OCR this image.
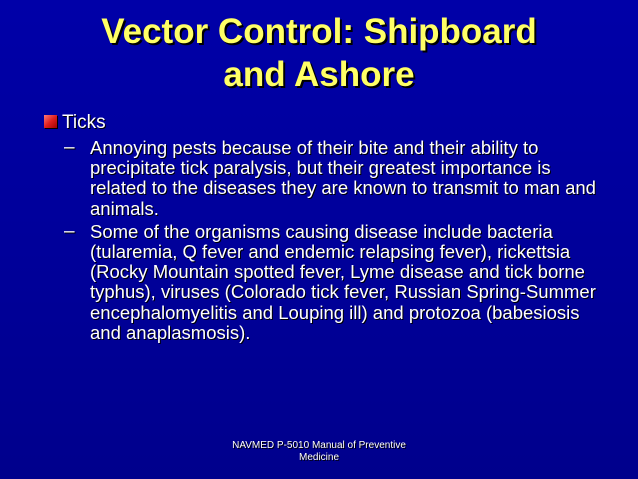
Vector Control: Shipboard
and Ashore
Ticks
– Annoying pests because of their bite and their ability to precipitate tick paralysis, but their greatest importance is related to the diseases they are known to transmit to man and animals.
– Some of the organisms causing disease include bacteria (tularemia, Q fever and endemic relapsing fever), rickettsia (Rocky Mountain spotted fever, Lyme disease and tick borne typhus), viruses (Colorado tick fever, Russian Spring-Summer encephalomyelitis and Louping ill) and protozoa (babesiosis and anaplasmosis).
NAVMED P-5010 Manual of Preventive
Medicine
